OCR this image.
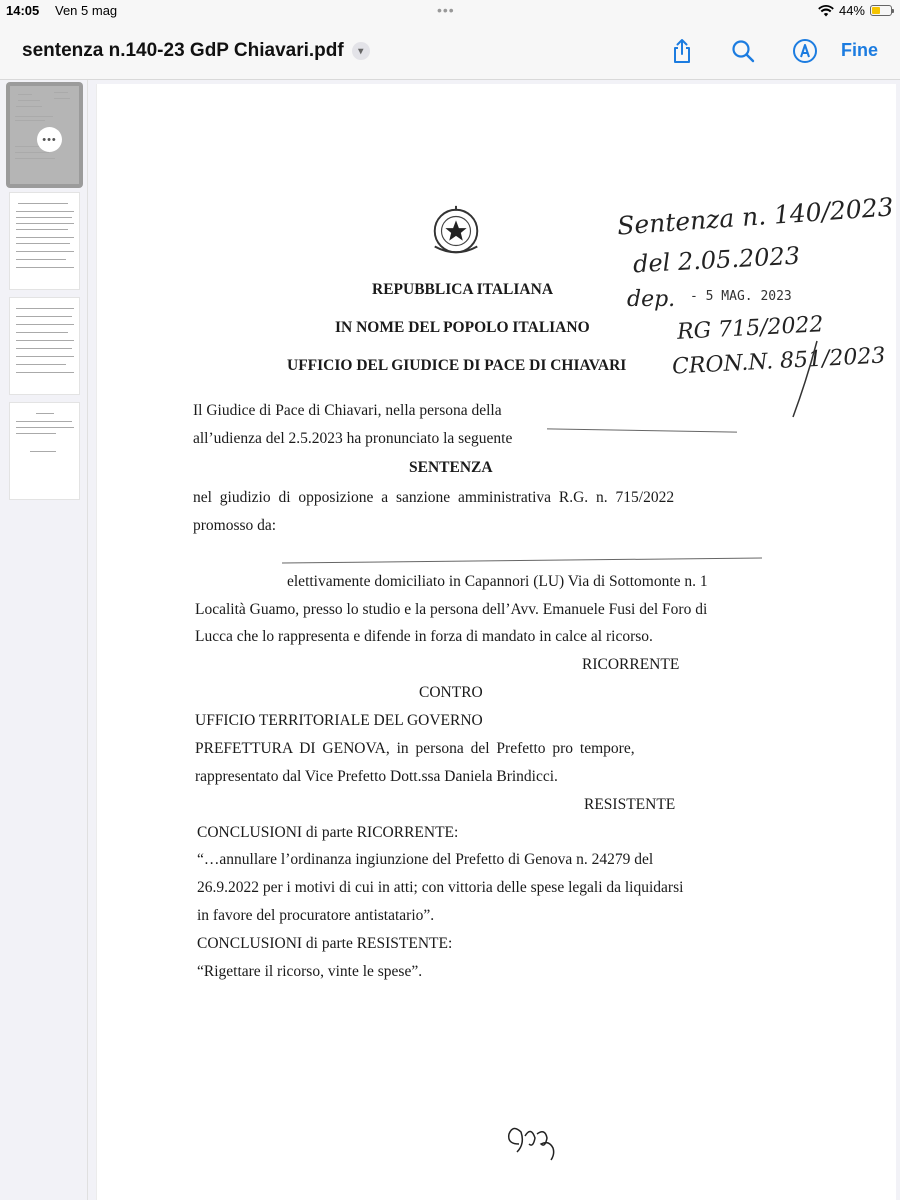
14:05 Ven 5 mag	•••	44%
sentenza n.140-23 GdP Chiavari.pdf	▾	Fine
•••
REPUBBLICA ITALIANA
IN NOME DEL POPOLO ITALIANO
UFFICIO DEL GIUDICE DI PACE DI CHIAVARI
Sentenza n. 140/2023
del 2.05.2023
dep. - 5 MAG. 2023
RG 715/2022
CRON.N. 851/2023
Il Giudice di Pace di Chiavari, nella persona della
all’udienza del 2.5.2023 ha pronunciato la seguente
SENTENZA
nel giudizio di opposizione a sanzione amministrativa R.G. n. 715/2022
promosso da:
elettivamente domiciliato in Capannori (LU) Via di Sottomonte n. 1
Località Guamo, presso lo studio e la persona dell’Avv. Emanuele Fusi del Foro di
Lucca che lo rappresenta e difende in forza di mandato in calce al ricorso.
RICORRENTE
CONTRO
UFFICIO TERRITORIALE DEL GOVERNO
PREFETTURA DI GENOVA, in persona del Prefetto pro tempore,
rappresentato dal Vice Prefetto Dott.ssa Daniela Brindicci.
RESISTENTE
CONCLUSIONI di parte RICORRENTE:
“…annullare l’ordinanza ingiunzione del Prefetto di Genova n. 24279 del
26.9.2022 per i motivi di cui in atti; con vittoria delle spese legali da liquidarsi
in favore del procuratore antistatario”.
CONCLUSIONI di parte RESISTENTE:
“Rigettare il ricorso, vinte le spese”.
